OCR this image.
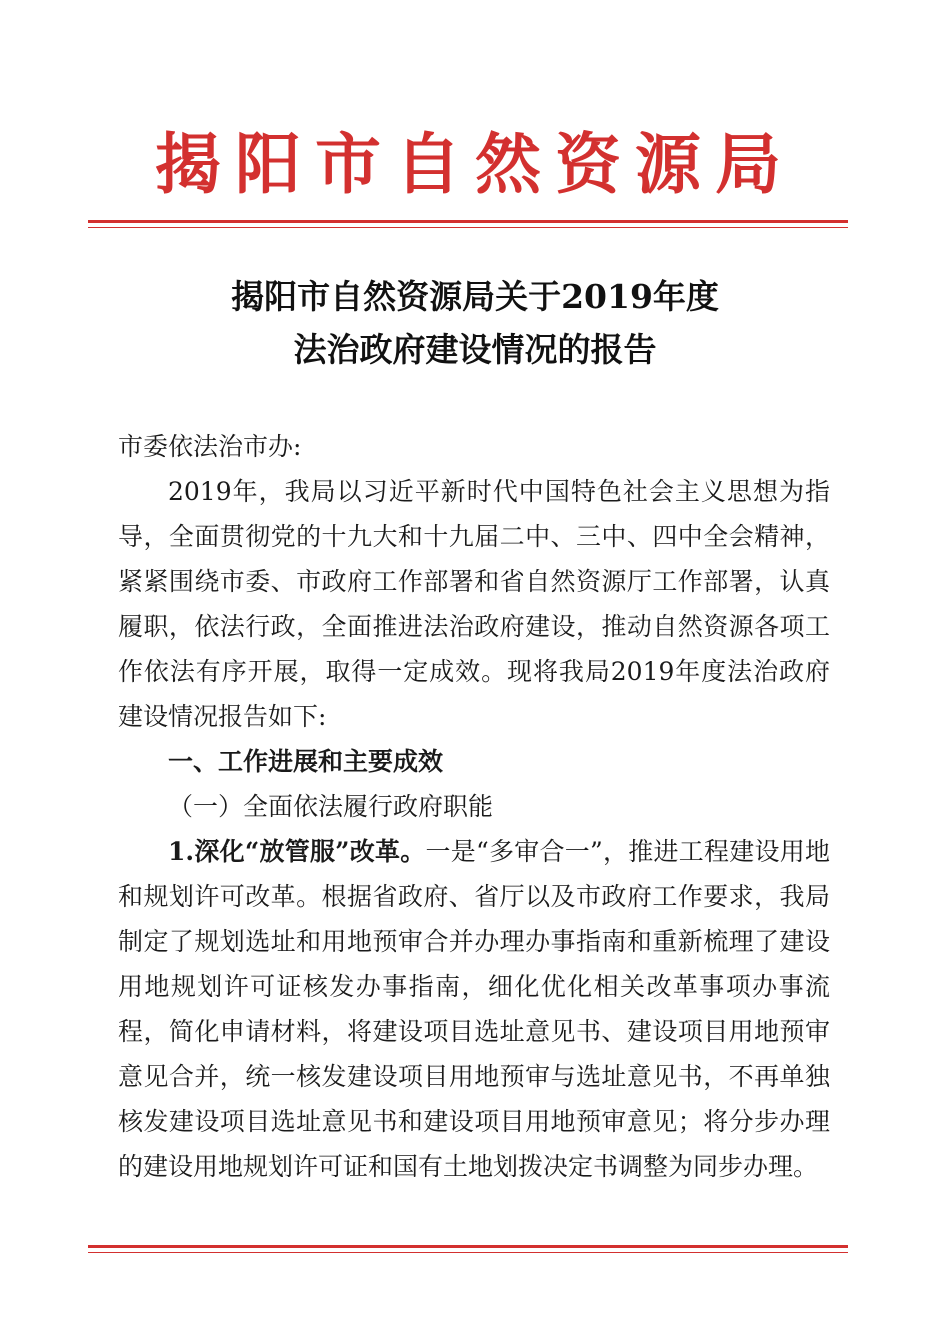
揭阳市自然资源局
揭阳市自然资源局关于2019年度
法治政府建设情况的报告

市委依法治市办:

2019年，我局以习近平新时代中国特色社会主义思想为指导，全面贯彻党的十九大和十九届二中、三中、四中全会精神，紧紧围绕市委、市政府工作部署和省自然资源厅工作部署，认真履职，依法行政，全面推进法治政府建设，推动自然资源各项工作依法有序开展，取得一定成效。现将我局2019年度法治政府建设情况报告如下:

一、工作进展和主要成效

（一）全面依法履行政府职能

1.深化“放管服”改革。一是“多审合一”，推进工程建设用地和规划许可改革。根据省政府、省厅以及市政府工作要求，我局制定了规划选址和用地预审合并办理办事指南和重新梳理了建设用地规划许可证核发办事指南，细化优化相关改革事项办事流程，简化申请材料，将建设项目选址意见书、建设项目用地预审意见合并，统一核发建设项目用地预审与选址意见书，不再单独核发建设项目选址意见书和建设项目用地预审意见；将分步办理的建设用地规划许可证和国有土地划拨决定书调整为同步办理。
